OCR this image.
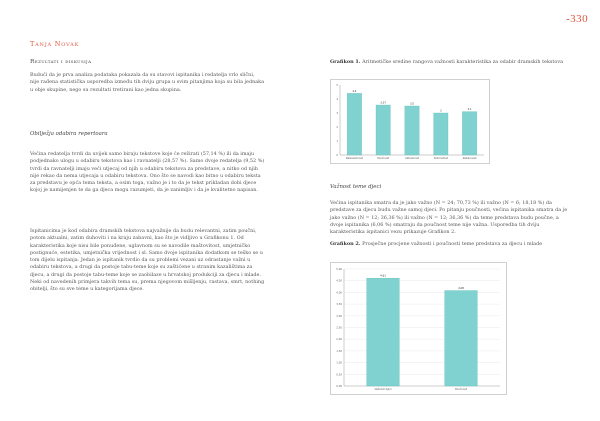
-330
Tanja Novak
Rezultati i diskusija
Budući da je prva analiza podataka pokazala da su stavovi ispitanika i redatelja vrlo slični, nije rađena statistička usporedba između tih dviju grupa u svim pitanjima koja su bila jednaka u obje skupine, nego su rezultati tretirani kao jedna skupina.
Obilježja odabira repertoara
Većina redatelja tvrdi da uvijek samo biraju tekstove koje će režirati (57,14 %) ili da imaju podjednako ulogu u odabiru tekstova kao i ravnatelji (28,57 %). Samo dvoje redatelja (9,52 %) tvrdi da ravnatelji imaju veći utjecaj od njih u odabiru tekstova za predstave, a nitko od njih nije rekao da nema utjecaja u odabiru tekstova. Ono što se navodi kao bitno u odabiru teksta za predstavu je opća tema teksta, a osim toga, važno je i to da je tekst prikladan dobi djece kojoj je namijenjen te da ga djeca mogu razumjeti, da je zanimljiv i da je kvalitetno napisan.
Ispitanicima je kod odabira dramskih tekstova najvažnije da budu relevantni, zatim poučni, potom aktualni, zatim duhoviti i na kraju zabavni, kao što je vidljivo u Grafikonu 1. Od karakteristika koje nisu bile ponuđene, uglavnom su se navodile maštovitost, umjetničko postignuće, estetika, umjetnička vrijednost i sl. Samo dvoje ispitanika dodatkom se teško se u tom dijelu ispitanja. Jedan je ispitanik tvrdio da su problemi vezani uz odrastanje važni u odabiru tekstova, a drugi da postoje tabu-teme koje su zaštićene u stranim kazalištima za djecu, a drugi da postoje tabu-teme koje se zaobilaze u hrvatskoj produkciji za djecu i mlade. Neki od navedenih primjera takvih tema su, prema njegovom mišljenju, rastava, smrt, nothing obitelji, što su sve teme u kategorijama djece.
Grafikon 1. Aritmetičke sredine rangova važnosti karakteristika za odabir dramskih tekstova
0
1
2
3
4
5
4,4
Relevantnost
3,57
Poučnost
3,5
Aktualnost
3
Duhovitost
3,1
Zabavnost
Važnost teme djeci
Većina ispitanika smatra da je jako važno (N = 24; 70,73 %) ili važno (N = 6; 18,18 %) da predstave za djecu budu važne samoj djeci. Po pitanju poučnosti, većina ispitanika smatra da je jako važno (N = 12; 36,36 %) ili važno (N = 12; 36,36 %) da teme predstava budu poučne, a dvoje ispitanika (6,06 %) smatraju da poučnost teme nije važna. Usporedba tih dviju karakteristika ispitanici vezu prikazuje Grafikon 2.
Grafikon 2. Prosječne procjene važnosti i poučnosti teme predstava za djecu i mlade
0,00
0,50
1,00
1,50
2,00
2,50
3,00
3,50
4,00
4,50
5,00
4,61
Važnost djeci
4,08
Poučnost
